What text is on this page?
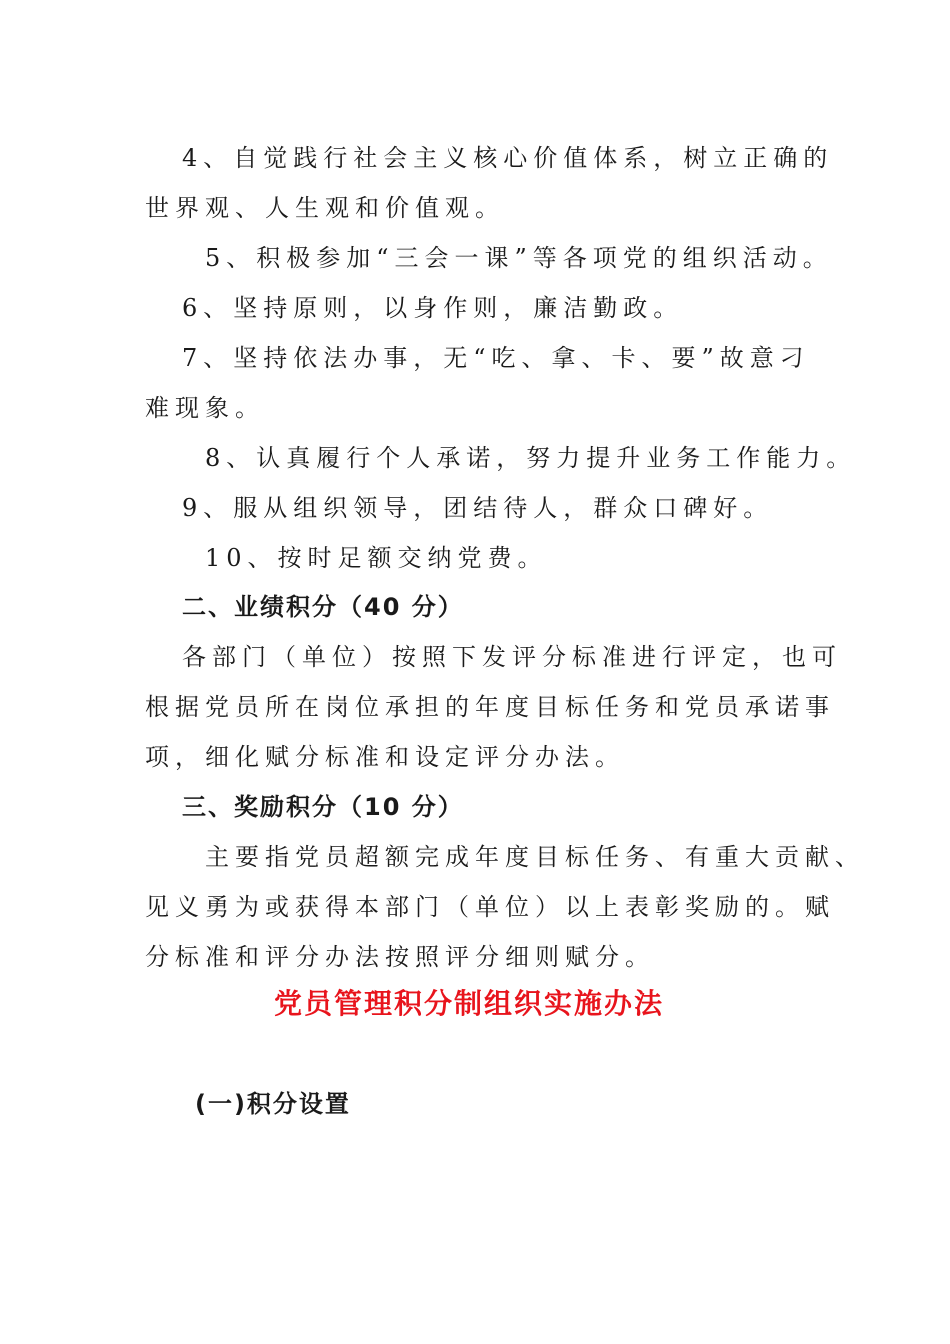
4、自觉践行社会主义核心价值体系，树立正确的
世界观、人生观和价值观。
5、积极参加“三会一课”等各项党的组织活动。
6、坚持原则，以身作则，廉洁勤政。
7、坚持依法办事，无“吃、拿、卡、要”故意刁
难现象。
8、认真履行个人承诺，努力提升业务工作能力。
9、服从组织领导，团结待人，群众口碑好。
10、按时足额交纳党费。
二、业绩积分（40 分）
各部门（单位）按照下发评分标准进行评定，也可
根据党员所在岗位承担的年度目标任务和党员承诺事
项，细化赋分标准和设定评分办法。
三、奖励积分（10 分）
主要指党员超额完成年度目标任务、有重大贡献、
见义勇为或获得本部门（单位）以上表彰奖励的。赋
分标准和评分办法按照评分细则赋分。
党员管理积分制组织实施办法
(一)积分设置
